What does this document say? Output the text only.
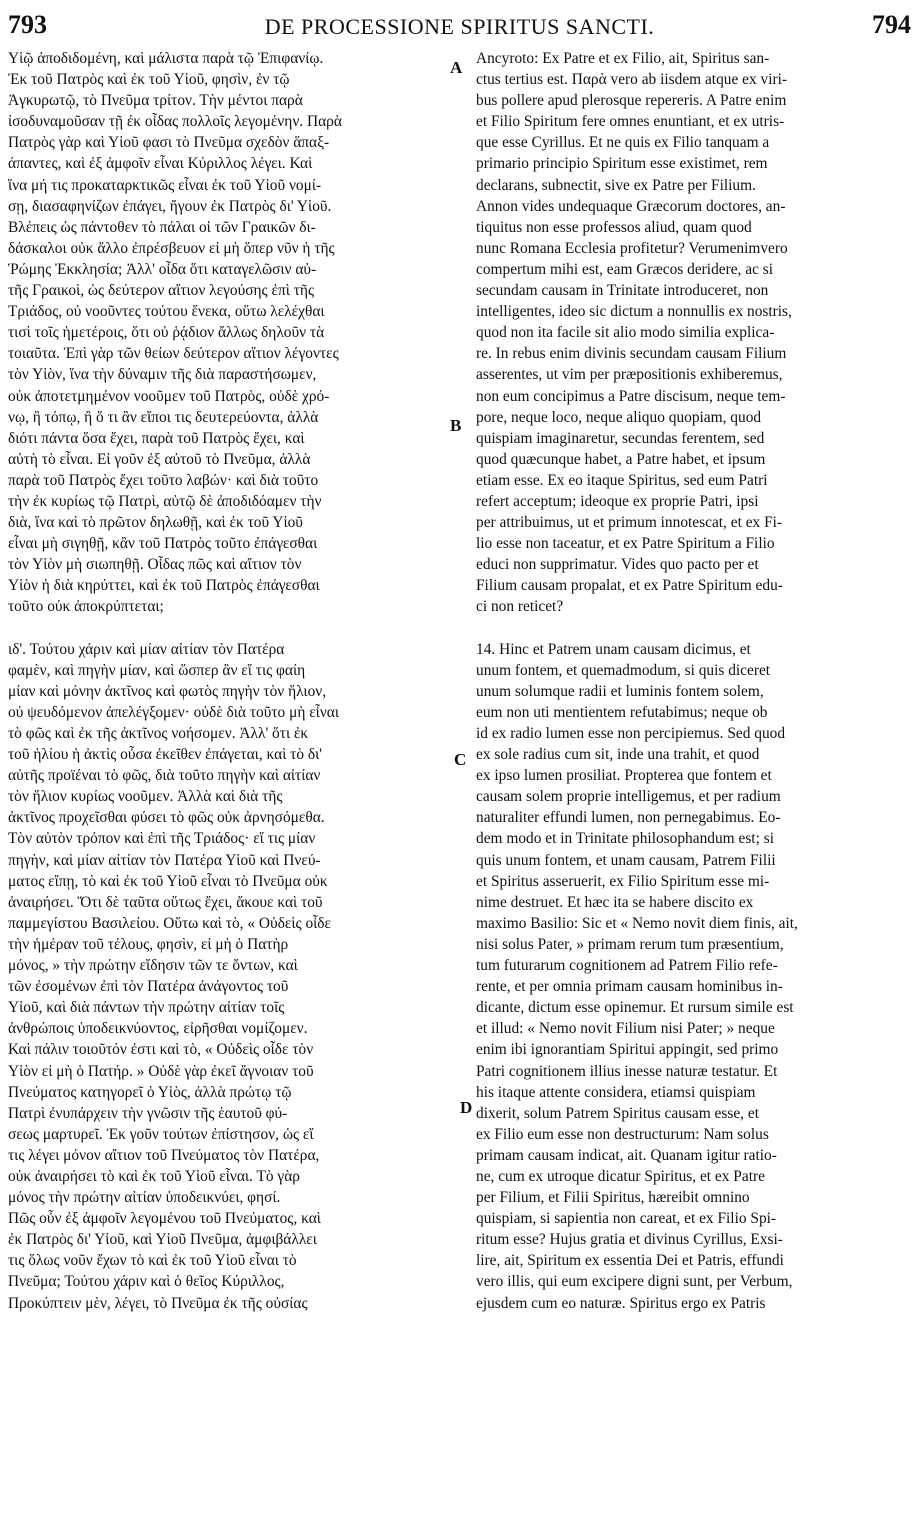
793	DE PROCESSIONE SPIRITUS SANCTI.	794
Υἱῷ ἀποδιδομένη, καὶ μάλιστα παρὰ τῷ Ἐπιφανίῳ.
Ἐκ τοῦ Πατρὸς καὶ ἐκ τοῦ Υἱοῦ, φησὶν, ἐν τῷ
Ἀγκυρωτῷ, τὸ Πνεῦμα τρίτον. Τὴν μέντοι παρὰ
ἰσοδυναμοῦσαν τῇ ἐκ οἶδας πολλοῖς λεγομένην. Παρὰ
Πατρὸς γὰρ καὶ Υἱοῦ φασι τὸ Πνεῦμα σχεδὸν ἅπαξ-
άπαντες, καὶ ἐξ ἀμφοῖν εἶναι Κύριλλος λέγει. Καὶ
ἵνα μή τις προκαταρκτικῶς εἶναι ἐκ τοῦ Υἱοῦ νομί-
σῃ, διασαφηνίζων ἐπάγει, ἤγουν ἐκ Πατρὸς δι' Υἱοῦ.
Βλέπεις ὡς πάντοθεν τὸ πάλαι οἱ τῶν Γραικῶν δι-
δάσκαλοι οὐκ ἄλλο ἐπρέσβευον εἰ μὴ ὅπερ νῦν ἡ τῆς
Ῥώμης Ἐκκλησία; Ἀλλ' οἶδα ὅτι καταγελῶσιν αὐ-
τῆς Γραικοὶ, ὡς δεύτερον αἴτιον λεγούσης ἐπὶ τῆς
Τριάδος, οὐ νοοῦντες τούτου ἕνεκα, οὕτω λελέχθαι
τισὶ τοῖς ἡμετέροις, ὅτι οὐ ῥᾴδιον ἄλλως δηλοῦν τὰ
τοιαῦτα. Ἐπὶ γὰρ τῶν θείων δεύτερον αἴτιον λέγοντες
τὸν Υἱὸν, ἵνα τὴν δύναμιν τῆς διὰ παραστήσωμεν,
οὐκ ἀποτετμημένον νοοῦμεν τοῦ Πατρὸς, οὐδὲ χρό-
νῳ, ἢ τόπῳ, ἢ ὅ τι ἂν εἴποι τις δευτερεύοντα, ἀλλὰ
διότι πάντα ὅσα ἔχει, παρὰ τοῦ Πατρὸς ἔχει, καὶ
αὐτὴ τὸ εἶναι. Εἰ γοῦν ἐξ αὐτοῦ τὸ Πνεῦμα, ἀλλὰ
παρὰ τοῦ Πατρὸς ἔχει τοῦτο λαβών· καὶ διὰ τοῦτο
τὴν ἐκ κυρίως τῷ Πατρὶ, αὐτῷ δὲ ἀποδιδόαμεν τὴν
διὰ, ἵνα καὶ τὸ πρῶτον δηλωθῇ, καὶ ἐκ τοῦ Υἱοῦ
εἶναι μὴ σιγηθῇ, κἂν τοῦ Πατρὸς τοῦτο ἐπάγεσθαι
τὸν Υἱὸν μὴ σιωπηθῇ. Οἶδας πῶς καὶ αἴτιον τὸν
Υἱὸν ἡ διὰ κηρύττει, καὶ ἐκ τοῦ Πατρὸς ἐπάγεσθαι
τοῦτο οὐκ ἀποκρύπτεται;
ιδ'. Τούτου χάριν καὶ μίαν αἰτίαν τὸν Πατέρα
φαμὲν, καὶ πηγὴν μίαν, καὶ ὥσπερ ἂν εἴ τις φαίη
μίαν καὶ μόνην ἀκτῖνος καὶ φωτὸς πηγὴν τὸν ἥλιον,
οὐ ψευδόμενον ἀπελέγξομεν· οὐδὲ διὰ τοῦτο μὴ εἶναι
τὸ φῶς καὶ ἐκ τῆς ἀκτῖνος νοήσομεν. Ἀλλ' ὅτι ἐκ
τοῦ ἡλίου ἡ ἀκτὶς οὖσα ἐκεῖθεν ἐπάγεται, καὶ τὸ δι'
αὐτῆς προϊέναι τὸ φῶς, διὰ τοῦτο πηγὴν καὶ αἰτίαν
τὸν ἥλιον κυρίως νοοῦμεν. Ἀλλὰ καὶ διὰ τῆς
ἀκτῖνος προχεῖσθαι φύσει τὸ φῶς οὐκ ἀρνησόμεθα.
Τὸν αὐτὸν τρόπον καὶ ἐπὶ τῆς Τριάδος· εἴ τις μίαν
πηγὴν, καὶ μίαν αἰτίαν τὸν Πατέρα Υἱοῦ καὶ Πνεύ-
ματος εἴπῃ, τὸ καὶ ἐκ τοῦ Υἱοῦ εἶναι τὸ Πνεῦμα οὐκ
ἀναιρήσει. Ὅτι δὲ ταῦτα οὕτως ἔχει, ἄκουε καὶ τοῦ
παμμεγίστου Βασιλείου. Οὕτω καὶ τὸ, « Οὐδεὶς οἶδε
τὴν ἡμέραν τοῦ τέλους, φησὶν, εἰ μὴ ὁ Πατὴρ
μόνος, » τὴν πρώτην εἴδησιν τῶν τε ὄντων, καὶ
τῶν ἐσομένων ἐπὶ τὸν Πατέρα ἀνάγοντος τοῦ
Υἱοῦ, καὶ διὰ πάντων τὴν πρώτην αἰτίαν τοῖς
ἀνθρώποις ὑποδεικνύοντος, εἰρῆσθαι νομίζομεν.
Καὶ πάλιν τοιοῦτόν ἐστι καὶ τὸ, « Οὐδεὶς οἶδε τὸν
Υἱὸν εἰ μὴ ὁ Πατήρ. » Οὐδὲ γὰρ ἐκεῖ ἄγνοιαν τοῦ
Πνεύματος κατηγορεῖ ὁ Υἱὸς, ἀλλὰ πρώτῳ τῷ
Πατρὶ ἐνυπάρχειν τὴν γνῶσιν τῆς ἑαυτοῦ φύ-
σεως μαρτυρεῖ. Ἐκ γοῦν τούτων ἐπίστησον, ὡς εἴ
τις λέγει μόνον αἴτιον τοῦ Πνεύματος τὸν Πατέρα,
οὐκ ἀναιρήσει τὸ καὶ ἐκ τοῦ Υἱοῦ εἶναι. Τὸ γὰρ
μόνος τὴν πρώτην αἰτίαν ὑποδεικνύει, φησί.
Πῶς οὖν ἐξ ἀμφοῖν λεγομένου τοῦ Πνεύματος, καὶ
ἐκ Πατρὸς δι' Υἱοῦ, καὶ Υἱοῦ Πνεῦμα, ἀμφιβάλλει
τις ὅλως νοῦν ἔχων τὸ καὶ ἐκ τοῦ Υἱοῦ εἶναι τὸ
Πνεῦμα; Τούτου χάριν καὶ ὁ θεῖος Κύριλλος,
Προκύπτειν μὲν, λέγει, τὸ Πνεῦμα ἐκ τῆς οὐσίας
Ancyroto: Ex Patre et ex Filio, ait, Spiritus san-
ctus tertius est. Παρὰ vero ab iisdem atque ex viri-
bus pollere apud plerosque repereris. A Patre enim
et Filio Spiritum fere omnes enuntiant, et ex utris-
que esse Cyrillus. Et ne quis ex Filio tanquam a
primario principio Spiritum esse existimet, rem
declarans, subnectit, sive ex Patre per Filium.
Annon vides undequaque Græcorum doctores, an-
tiquitus non esse professos aliud, quam quod
nunc Romana Ecclesia profitetur? Verumenimvero
compertum mihi est, eam Græcos deridere, ac si
secundam causam in Trinitate introduceret, non
intelligentes, ideo sic dictum a nonnullis ex nostris,
quod non ita facile sit alio modo similia explica-
re. In rebus enim divinis secundam causam Filium
asserentes, ut vim per præpositionis exhiberemus,
non eum concipimus a Patre discisum, neque tem-
pore, neque loco, neque aliquo quopiam, quod
quispiam imaginaretur, secundas ferentem, sed
quod quæcunque habet, a Patre habet, et ipsum
etiam esse. Ex eo itaque Spiritus, sed eum Patri
refert acceptum; ideoque ex proprie Patri, ipsi
per attribuimus, ut et primum innotescat, et ex Fi-
lio esse non taceatur, et ex Patre Spiritum a Filio
educi non supprimatur. Vides quo pacto per et
Filium causam propalat, et ex Patre Spiritum edu-
ci non reticet?
14. Hinc et Patrem unam causam dicimus, et
unum fontem, et quemadmodum, si quis diceret
unum solumque radii et luminis fontem solem,
eum non uti mentientem refutabimus; neque ob
id ex radio lumen esse non percipiemus. Sed quod
ex sole radius cum sit, inde una trahit, et quod
ex ipso lumen prosiliat. Propterea que fontem et
causam solem proprie intelligemus, et per radium
naturaliter effundi lumen, non pernegabimus. Eo-
dem modo et in Trinitate philosophandum est; si
quis unum fontem, et unam causam, Patrem Filii
et Spiritus asseruerit, ex Filio Spiritum esse mi-
nime destruet. Et hæc ita se habere discito ex
maximo Basilio: Sic et « Nemo novit diem finis, ait,
nisi solus Pater, » primam rerum tum præsentium,
tum futurarum cognitionem ad Patrem Filio refe-
rente, et per omnia primam causam hominibus in-
dicante, dictum esse opinemur. Et rursum simile est
et illud: « Nemo novit Filium nisi Pater; » neque
enim ibi ignorantiam Spiritui appingit, sed primo
Patri cognitionem illius inesse naturæ testatur. Et
his itaque attente considera, etiamsi quispiam
dixerit, solum Patrem Spiritus causam esse, et
ex Filio eum esse non destructurum: Nam solus
primam causam indicat, ait. Quanam igitur ratio-
ne, cum ex utroque dicatur Spiritus, et ex Patre
per Filium, et Filii Spiritus, hæreibit omnino
quispiam, si sapientia non careat, et ex Filio Spi-
ritum esse? Hujus gratia et divinus Cyrillus, Exsi-
lire, ait, Spiritum ex essentia Dei et Patris, effundi
vero illis, qui eum excipere digni sunt, per Verbum,
ejusdem cum eo naturæ. Spiritus ergo ex Patris
A
B
C
D
